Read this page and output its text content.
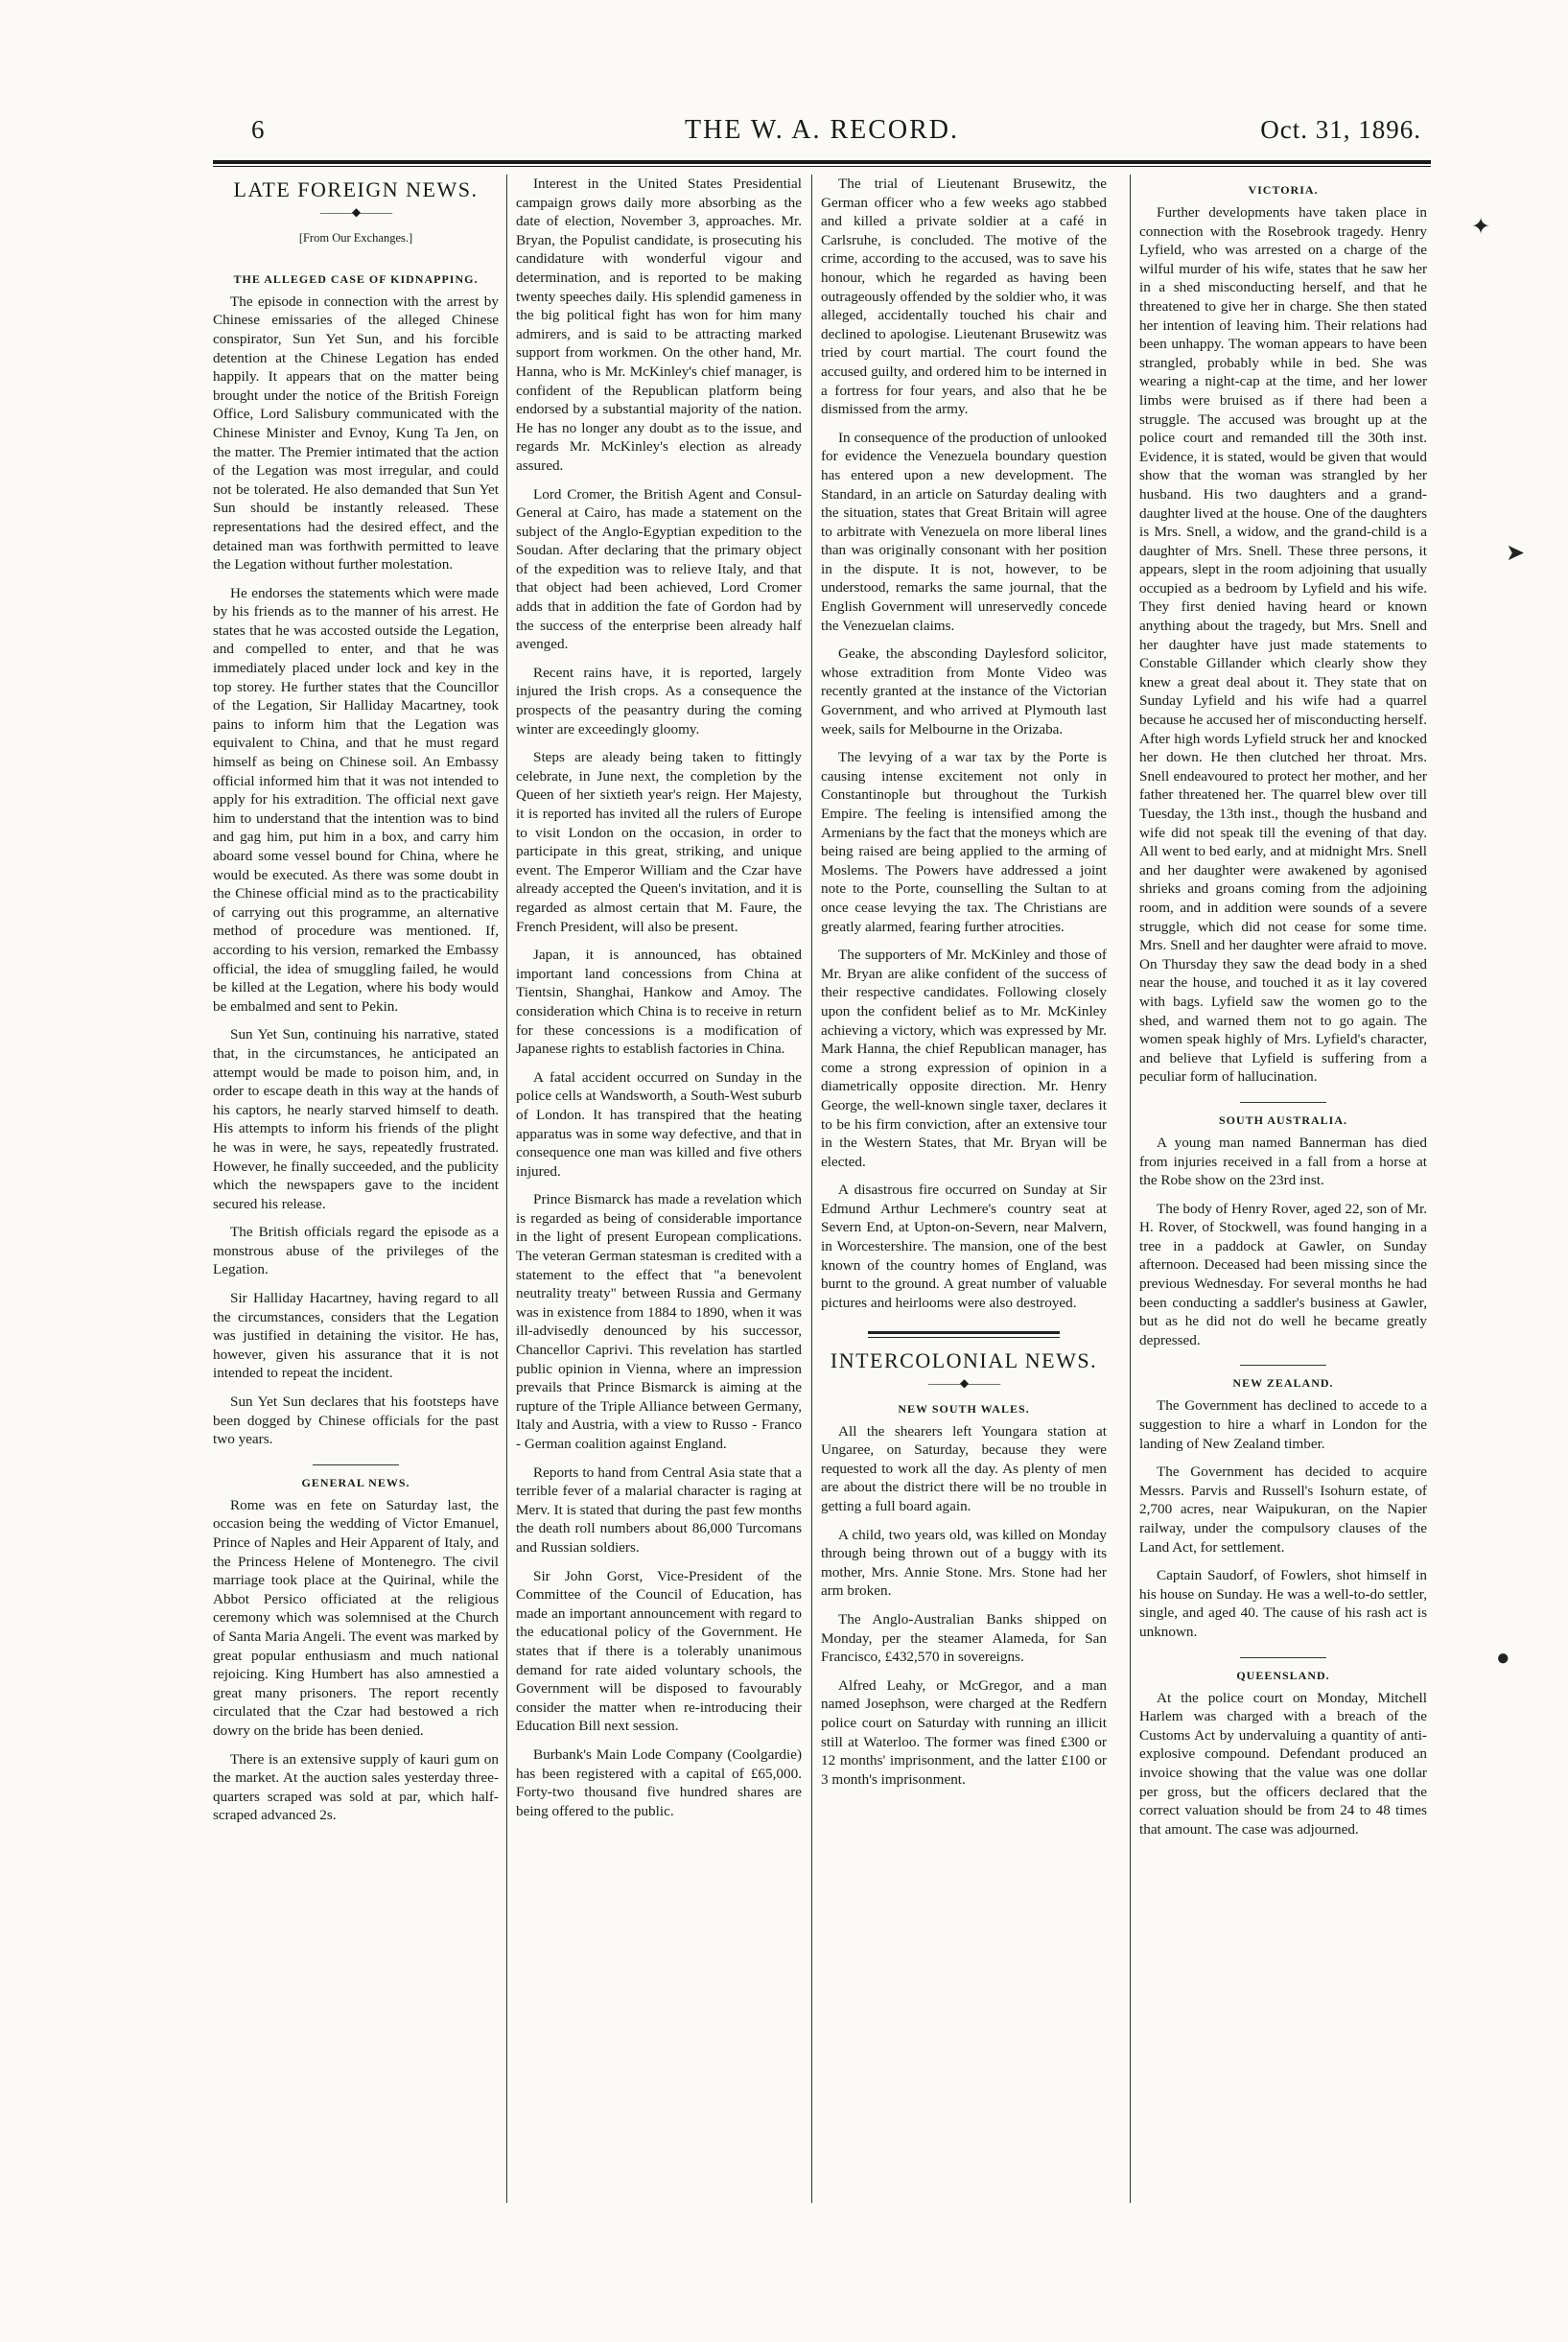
6	THE W. A. RECORD.	Oct. 31, 1896.
LATE FOREIGN NEWS.
———◆———
[From Our Exchanges.]
THE ALLEGED CASE OF KIDNAPPING.

The episode in connection with the arrest by Chinese emissaries of the alleged Chinese conspirator, Sun Yet Sun, and his forcible detention at the Chinese Legation has ended happily. It appears that on the matter being brought under the notice of the British Foreign Office, Lord Salisbury communicated with the Chinese Minister and Evnoy, Kung Ta Jen, on the matter. The Premier intimated that the action of the Legation was most irregular, and could not be tolerated. He also demanded that Sun Yet Sun should be instantly released. These representations had the desired effect, and the detained man was forthwith permitted to leave the Legation without further molestation.

He endorses the statements which were made by his friends as to the manner of his arrest. He states that he was accosted outside the Legation, and compelled to enter, and that he was immediately placed under lock and key in the top storey. He further states that the Councillor of the Legation, Sir Halliday Macartney, took pains to inform him that the Legation was equivalent to China, and that he must regard himself as being on Chinese soil. An Embassy official informed him that it was not intended to apply for his extradition. The official next gave him to understand that the intention was to bind and gag him, put him in a box, and carry him aboard some vessel bound for China, where he would be executed. As there was some doubt in the Chinese official mind as to the practicability of carrying out this programme, an alternative method of procedure was mentioned. If, according to his version, remarked the Embassy official, the idea of smuggling failed, he would be killed at the Legation, where his body would be embalmed and sent to Pekin.

Sun Yet Sun, continuing his narrative, stated that, in the circumstances, he anticipated an attempt would be made to poison him, and, in order to escape death in this way at the hands of his captors, he nearly starved himself to death. His attempts to inform his friends of the plight he was in were, he says, repeatedly frustrated. However, he finally succeeded, and the publicity which the newspapers gave to the incident secured his release.

The British officials regard the episode as a monstrous abuse of the privileges of the Legation.

Sir Halliday Hacartney, having regard to all the circumstances, considers that the Legation was justified in detaining the visitor. He has, however, given his assurance that it is not intended to repeat the incident.

Sun Yet Sun declares that his footsteps have been dogged by Chinese officials for the past two years.

GENERAL NEWS.

Rome was en fete on Saturday last, the occasion being the wedding of Victor Emanuel, Prince of Naples and Heir Apparent of Italy, and the Princess Helene of Montenegro. The civil marriage took place at the Quirinal, while the Abbot Persico officiated at the religious ceremony which was solemnised at the Church of Santa Maria Angeli. The event was marked by great popular enthusiasm and much national rejoicing. King Humbert has also amnestied a great many prisoners. The report recently circulated that the Czar had bestowed a rich dowry on the bride has been denied.

There is an extensive supply of kauri gum on the market. At the auction sales yesterday three-quarters scraped was sold at par, which half-scraped advanced 2s.

Interest in the United States Presidential campaign grows daily more absorbing as the date of election, November 3, approaches. Mr. Bryan, the Populist candidate, is prosecuting his candidature with wonderful vigour and determination, and is reported to be making twenty speeches daily. His splendid gameness in the big political fight has won for him many admirers, and is said to be attracting marked support from workmen. On the other hand, Mr. Hanna, who is Mr. McKinley's chief manager, is confident of the Republican platform being endorsed by a substantial majority of the nation. He has no longer any doubt as to the issue, and regards Mr. McKinley's election as already assured.

Lord Cromer, the British Agent and Consul-General at Cairo, has made a statement on the subject of the Anglo-Egyptian expedition to the Soudan. After declaring that the primary object of the expedition was to relieve Italy, and that that object had been achieved, Lord Cromer adds that in addition the fate of Gordon had by the success of the enterprise been already half avenged.

Recent rains have, it is reported, largely injured the Irish crops. As a consequence the prospects of the peasantry during the coming winter are exceedingly gloomy.

Steps are aleady being taken to fittingly celebrate, in June next, the completion by the Queen of her sixtieth year's reign. Her Majesty, it is reported has invited all the rulers of Europe to visit London on the occasion, in order to participate in this great, striking, and unique event. The Emperor William and the Czar have already accepted the Queen's invitation, and it is regarded as almost certain that M. Faure, the French President, will also be present.

Japan, it is announced, has obtained important land concessions from China at Tientsin, Shanghai, Hankow and Amoy. The consideration which China is to receive in return for these concessions is a modification of Japanese rights to establish factories in China.

A fatal accident occurred on Sunday in the police cells at Wandsworth, a South-West suburb of London. It has transpired that the heating apparatus was in some way defective, and that in consequence one man was killed and five others injured.

Prince Bismarck has made a revelation which is regarded as being of considerable importance in the light of present European complications. The veteran German statesman is credited with a statement to the effect that "a benevolent neutrality treaty" between Russia and Germany was in existence from 1884 to 1890, when it was ill-advisedly denounced by his successor, Chancellor Caprivi. This revelation has startled public opinion in Vienna, where an impression prevails that Prince Bismarck is aiming at the rupture of the Triple Alliance between Germany, Italy and Austria, with a view to Russo - Franco - German coalition against England.

Reports to hand from Central Asia state that a terrible fever of a malarial character is raging at Merv. It is stated that during the past few months the death roll numbers about 86,000 Turcomans and Russian soldiers.

Sir John Gorst, Vice-President of the Committee of the Council of Education, has made an important announcement with regard to the educational policy of the Government. He states that if there is a tolerably unanimous demand for rate aided voluntary schools, the Government will be disposed to favourably consider the matter when re-introducing their Education Bill next session.

Burbank's Main Lode Company (Coolgardie) has been registered with a capital of £65,000. Forty-two thousand five hundred shares are being offered to the public.

The trial of Lieutenant Brusewitz, the German officer who a few weeks ago stabbed and killed a private soldier at a café in Carlsruhe, is concluded. The motive of the crime, according to the accused, was to save his honour, which he regarded as having been outrageously offended by the soldier who, it was alleged, accidentally touched his chair and declined to apologise. Lieutenant Brusewitz was tried by court martial. The court found the accused guilty, and ordered him to be interned in a fortress for four years, and also that he be dismissed from the army.

In consequence of the production of unlooked for evidence the Venezuela boundary question has entered upon a new development. The Standard, in an article on Saturday dealing with the situation, states that Great Britain will agree to arbitrate with Venezuela on more liberal lines than was originally consonant with her position in the dispute. It is not, however, to be understood, remarks the same journal, that the English Government will unreservedly concede the Venezuelan claims.

Geake, the absconding Daylesford solicitor, whose extradition from Monte Video was recently granted at the instance of the Victorian Government, and who arrived at Plymouth last week, sails for Melbourne in the Orizaba.

The levying of a war tax by the Porte is causing intense excitement not only in Constantinople but throughout the Turkish Empire. The feeling is intensified among the Armenians by the fact that the moneys which are being raised are being applied to the arming of Moslems. The Powers have addressed a joint note to the Porte, counselling the Sultan to at once cease levying the tax. The Christians are greatly alarmed, fearing further atrocities.

The supporters of Mr. McKinley and those of Mr. Bryan are alike confident of the success of their respective candidates. Following closely upon the confident belief as to Mr. McKinley achieving a victory, which was expressed by Mr. Mark Hanna, the chief Republican manager, has come a strong expression of opinion in a diametrically opposite direction. Mr. Henry George, the well-known single taxer, declares it to be his firm conviction, after an extensive tour in the Western States, that Mr. Bryan will be elected.

A disastrous fire occurred on Sunday at Sir Edmund Arthur Lechmere's country seat at Severn End, at Upton-on-Severn, near Malvern, in Worcestershire. The mansion, one of the best known of the country homes of England, was burnt to the ground. A great number of valuable pictures and heirlooms were also destroyed.

INTERCOLONIAL NEWS.
———◆———
NEW SOUTH WALES.

All the shearers left Youngara station at Ungaree, on Saturday, because they were requested to work all the day. As plenty of men are about the district there will be no trouble in getting a full board again.

A child, two years old, was killed on Monday through being thrown out of a buggy with its mother, Mrs. Annie Stone. Mrs. Stone had her arm broken.

The Anglo-Australian Banks shipped on Monday, per the steamer Alameda, for San Francisco, £432,570 in sovereigns.

Alfred Leahy, or McGregor, and a man named Josephson, were charged at the Redfern police court on Saturday with running an illicit still at Waterloo. The former was fined £300 or 12 months' imprisonment, and the latter £100 or 3 month's imprisonment.

VICTORIA.

Further developments have taken place in connection with the Rosebrook tragedy. Henry Lyfield, who was arrested on a charge of the wilful murder of his wife, states that he saw her in a shed misconducting herself, and that he threatened to give her in charge. She then stated her intention of leaving him. Their relations had been unhappy. The woman appears to have been strangled, probably while in bed. She was wearing a night-cap at the time, and her lower limbs were bruised as if there had been a struggle. The accused was brought up at the police court and remanded till the 30th inst. Evidence, it is stated, would be given that would show that the woman was strangled by her husband. His two daughters and a grand-daughter lived at the house. One of the daughters is Mrs. Snell, a widow, and the grand-child is a daughter of Mrs. Snell. These three persons, it appears, slept in the room adjoining that usually occupied as a bedroom by Lyfield and his wife. They first denied having heard or known anything about the tragedy, but Mrs. Snell and her daughter have just made statements to Constable Gillander which clearly show they knew a great deal about it. They state that on Sunday Lyfield and his wife had a quarrel because he accused her of misconducting herself. After high words Lyfield struck her and knocked her down. He then clutched her throat. Mrs. Snell endeavoured to protect her mother, and her father threatened her. The quarrel blew over till Tuesday, the 13th inst., though the husband and wife did not speak till the evening of that day. All went to bed early, and at midnight Mrs. Snell and her daughter were awakened by agonised shrieks and groans coming from the adjoining room, and in addition were sounds of a severe struggle, which did not cease for some time. Mrs. Snell and her daughter were afraid to move. On Thursday they saw the dead body in a shed near the house, and touched it as it lay covered with bags. Lyfield saw the women go to the shed, and warned them not to go again. The women speak highly of Mrs. Lyfield's character, and believe that Lyfield is suffering from a peculiar form of hallucination.

SOUTH AUSTRALIA.

A young man named Bannerman has died from injuries received in a fall from a horse at the Robe show on the 23rd inst.

The body of Henry Rover, aged 22, son of Mr. H. Rover, of Stockwell, was found hanging in a tree in a paddock at Gawler, on Sunday afternoon. Deceased had been missing since the previous Wednesday. For several months he had been conducting a saddler's business at Gawler, but as he did not do well he became greatly depressed.

NEW ZEALAND.

The Government has declined to accede to a suggestion to hire a wharf in London for the landing of New Zealand timber.

The Government has decided to acquire Messrs. Parvis and Russell's Isohurn estate, of 2,700 acres, near Waipukuran, on the Napier railway, under the compulsory clauses of the Land Act, for settlement.

Captain Saudorf, of Fowlers, shot himself in his house on Sunday. He was a well-to-do settler, single, and aged 40. The cause of his rash act is unknown.

QUEENSLAND.

At the police court on Monday, Mitchell Harlem was charged with a breach of the Customs Act by undervaluing a quantity of anti-explosive compound. Defendant produced an invoice showing that the value was one dollar per gross, but the officers declared that the correct valuation should be from 24 to 48 times that amount. The case was adjourned.

✦
➤
●
